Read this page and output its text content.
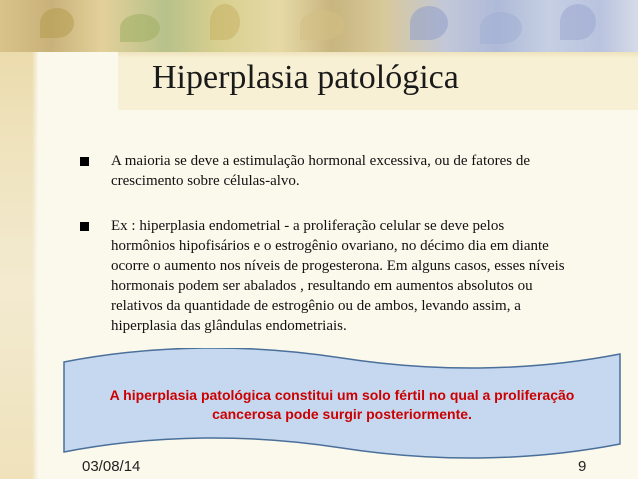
Hiperplasia patológica

A maioria se deve a estimulação hormonal excessiva, ou de fatores de
crescimento sobre células-alvo.

Ex : hiperplasia endometrial - a proliferação celular se deve pelos
hormônios hipofisários e o estrogênio ovariano, no décimo dia em diante
ocorre o aumento nos níveis de progesterona. Em alguns casos, esses níveis
hormonais podem ser abalados , resultando em aumentos absolutos ou
relativos da quantidade de estrogênio ou de ambos, levando assim, a
hiperplasia das glândulas endometriais.

A hiperplasia patológica constitui um solo fértil no qual a proliferação
cancerosa pode surgir posteriormente.
03/08/14	9
